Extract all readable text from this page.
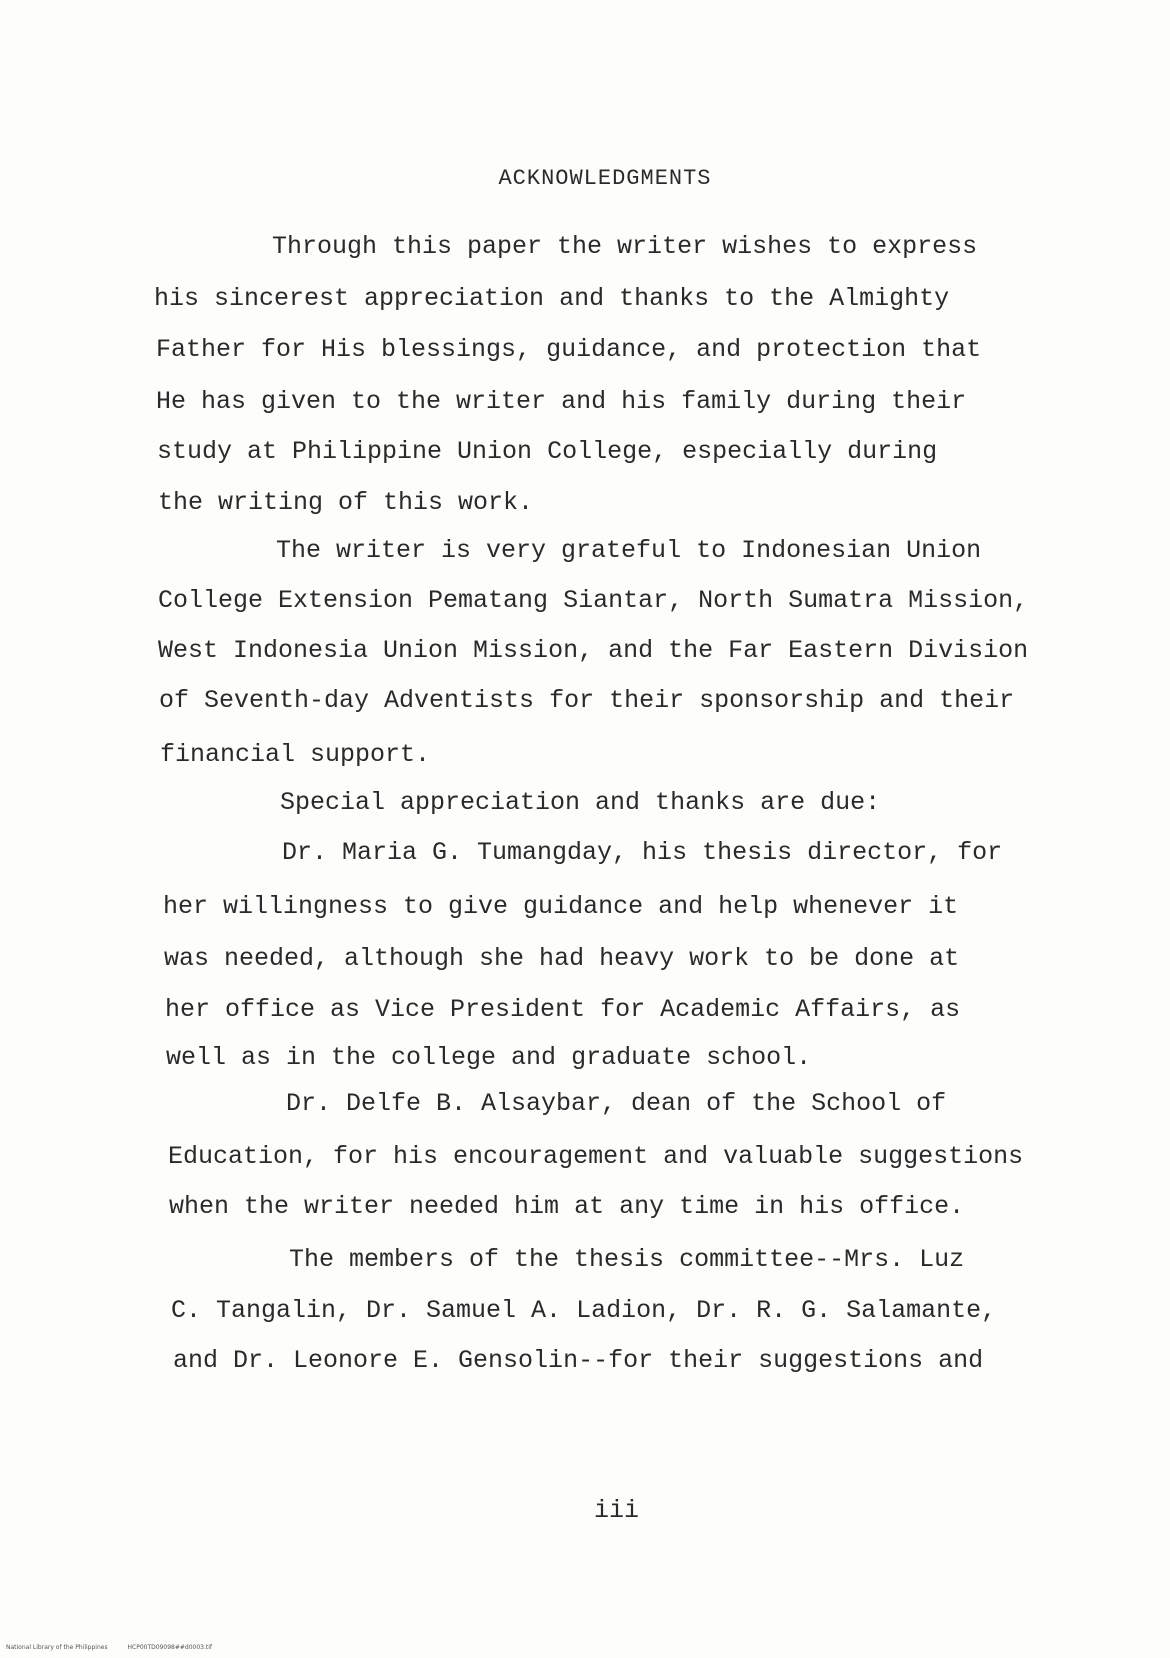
ACKNOWLEDGMENTS
Through this paper the writer wishes to express
his sincerest appreciation and thanks to the Almighty
Father for His blessings, guidance, and protection that
He has given to the writer and his family during their
study at Philippine Union College, especially during
the writing of this work.
The writer is very grateful to Indonesian Union
College Extension Pematang Siantar, North Sumatra Mission,
West Indonesia Union Mission, and the Far Eastern Division
of Seventh-day Adventists for their sponsorship and their
financial support.
Special appreciation and thanks are due:
Dr. Maria G. Tumangday, his thesis director, for
her willingness to give guidance and help whenever it
was needed, although she had heavy work to be done at
her office as Vice President for Academic Affairs, as
well as in the college and graduate school.
Dr. Delfe B. Alsaybar, dean of the School of
Education, for his encouragement and valuable suggestions
when the writer needed him at any time in his office.
The members of the thesis committee--Mrs. Luz
C. Tangalin, Dr. Samuel A. Ladion, Dr. R. G. Salamante,
and Dr. Leonore E. Gensolin--for their suggestions and
iii
National Library of the Philippines	HCP00TD09098##d0003.tif
